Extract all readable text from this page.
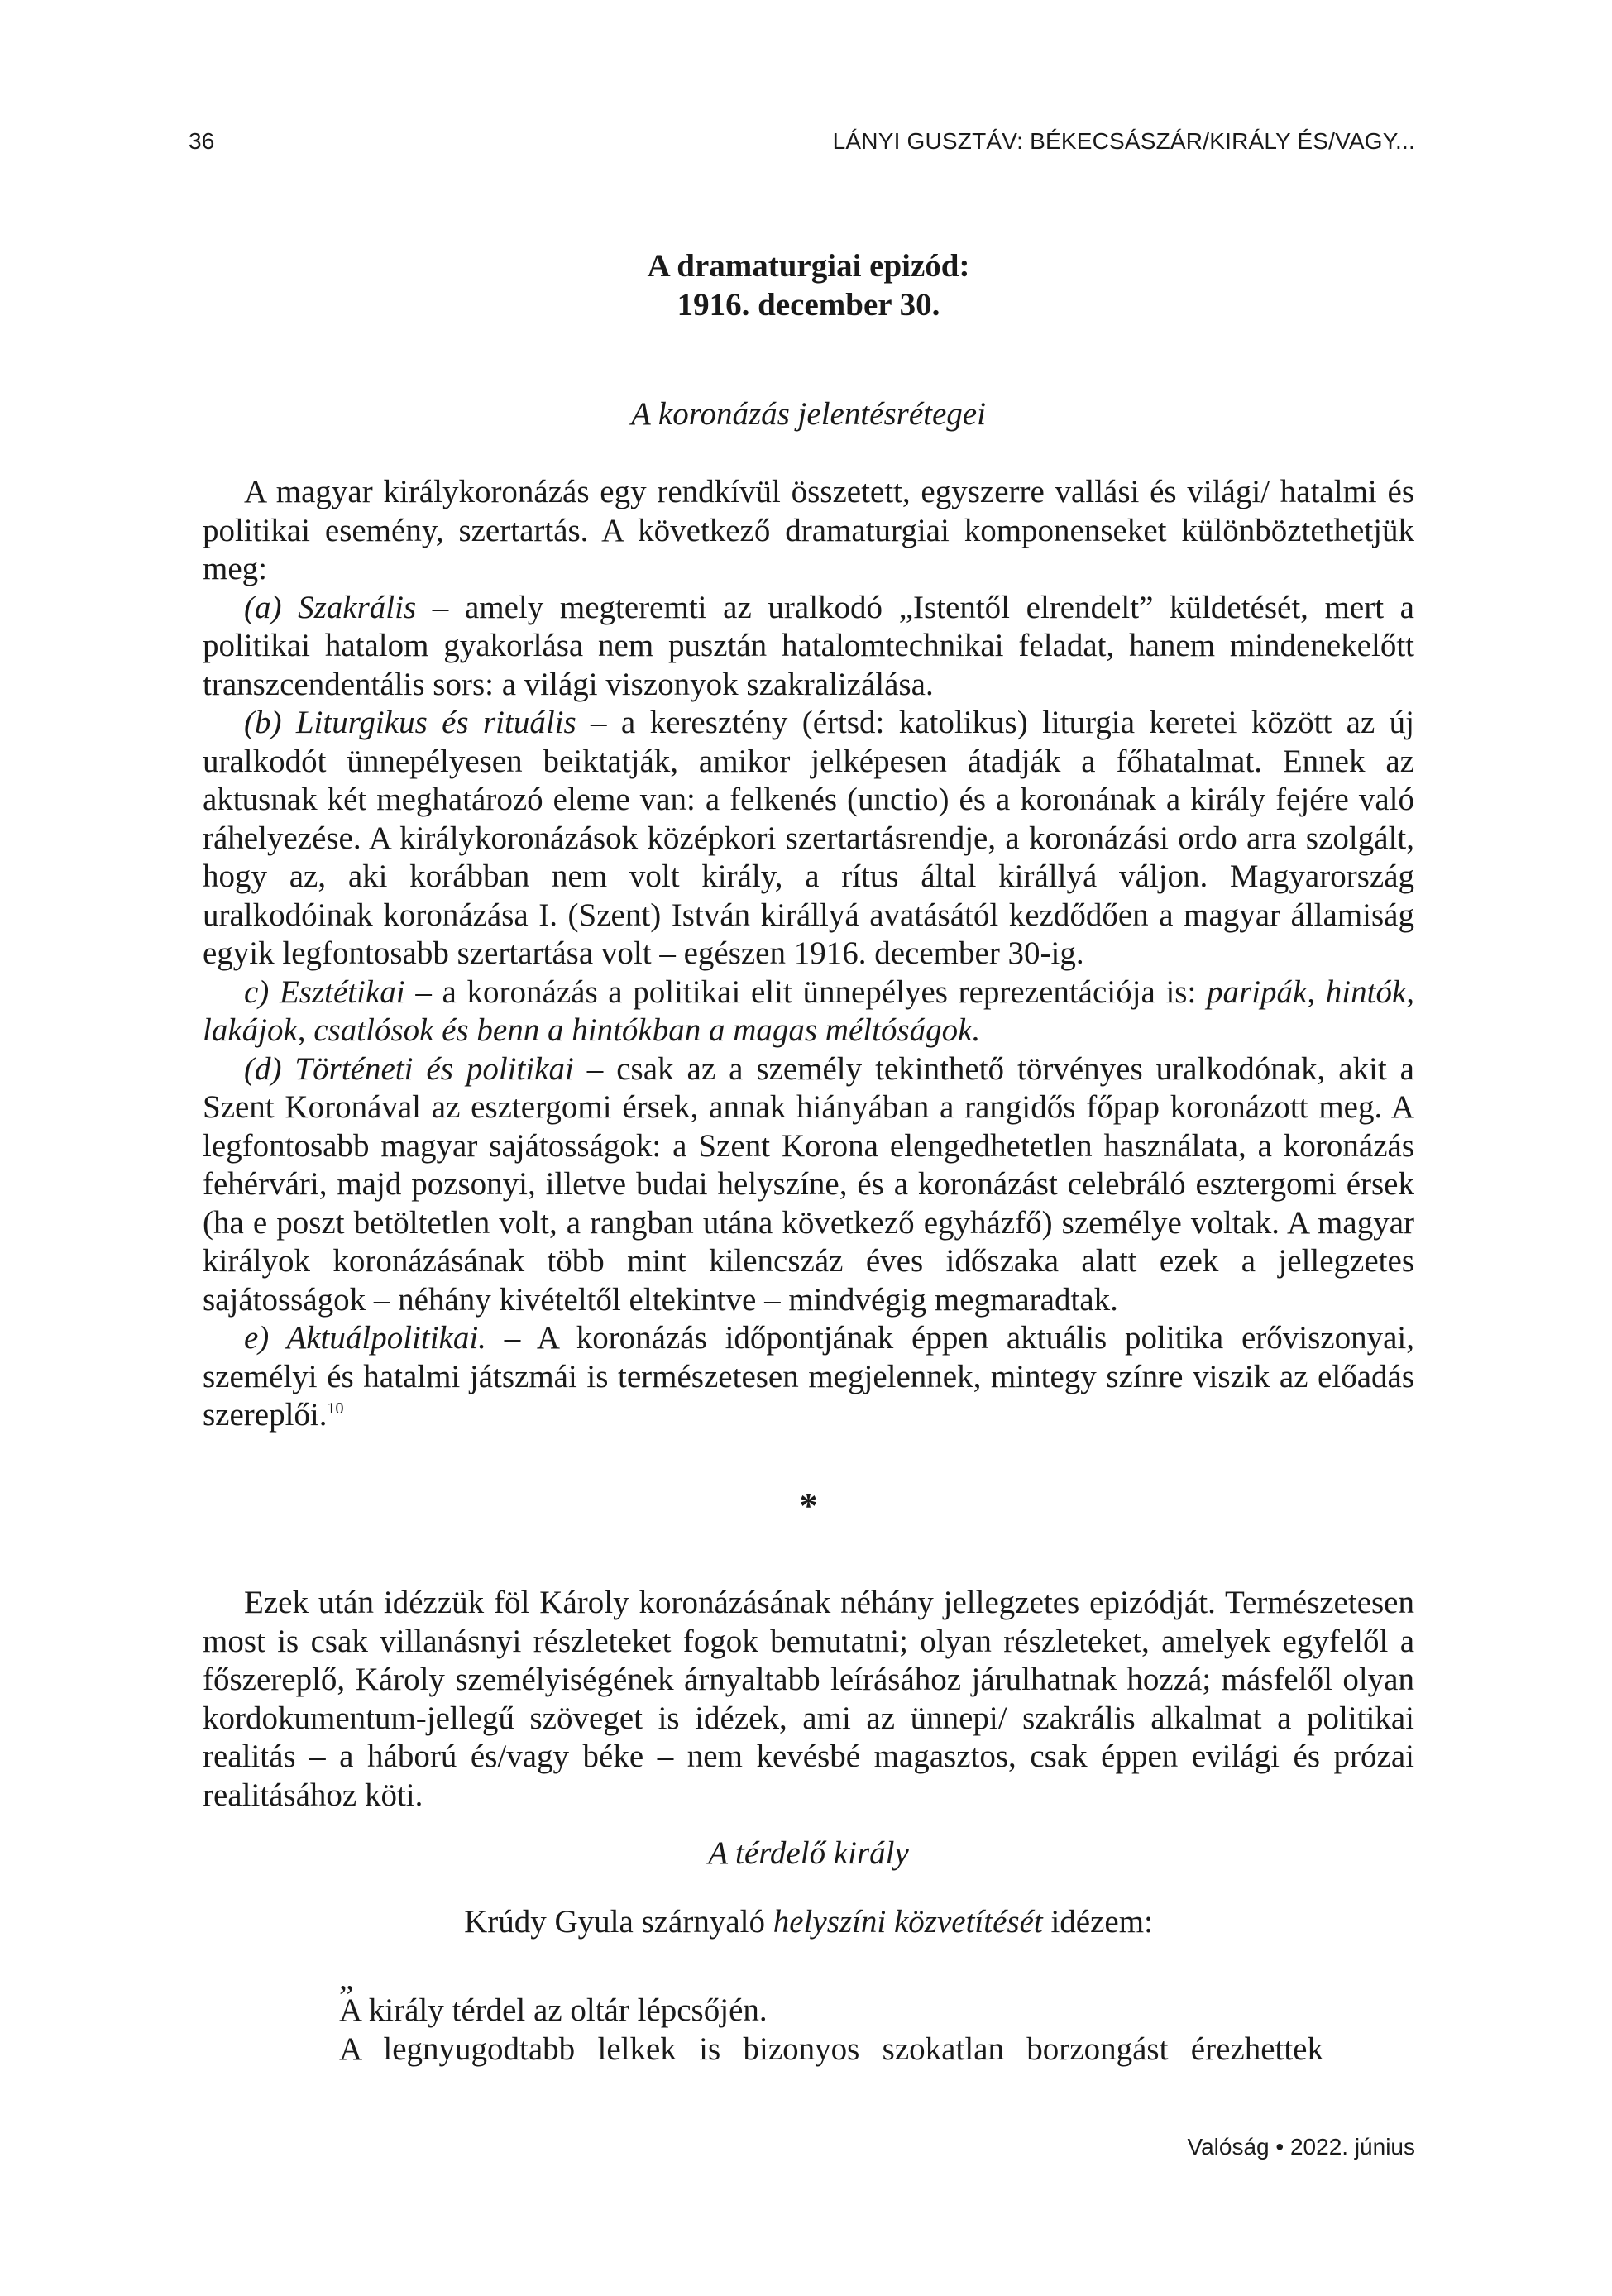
36	LÁNYI GUSZTÁV: BÉKECSÁSZÁR/KIRÁLY ÉS/VAGY...
A dramaturgiai epizód:
1916. december 30.
A koronázás jelentésrétegei

A magyar királykoronázás egy rendkívül összetett, egyszerre vallási és világi/ hatalmi és politikai esemény, szertartás. A következő dramaturgiai komponenseket különböztethetjük meg:

(a) Szakrális – amely megteremti az uralkodó „Istentől elrendelt” küldetését, mert a politikai hatalom gyakorlása nem pusztán hatalomtechnikai feladat, hanem mindenekelőtt transzcendentális sors: a világi viszonyok szakralizálása.

(b) Liturgikus és rituális – a keresztény (értsd: katolikus) liturgia keretei között az új uralkodót ünnepélyesen beiktatják, amikor jelképesen átadják a főhatalmat. Ennek az aktusnak két meghatározó eleme van: a felkenés (unctio) és a koronának a király fejére való ráhelyezése. A királykoronázások középkori szertartásrendje, a koronázási ordo arra szolgált, hogy az, aki korábban nem volt király, a rítus által királlyá váljon. Magyarország uralkodóinak koronázása I. (Szent) István királlyá avatásától kezdődően a magyar államiság egyik legfontosabb szertartása volt – egészen 1916. december 30-ig.

c) Esztétikai – a koronázás a politikai elit ünnepélyes reprezentációja is: paripák, hintók, lakájok, csatlósok és benn a hintókban a magas méltóságok.

(d) Történeti és politikai – csak az a személy tekinthető törvényes uralkodónak, akit a Szent Koronával az esztergomi érsek, annak hiányában a rangidős főpap koronázott meg. A legfontosabb magyar sajátosságok: a Szent Korona elengedhetetlen használata, a koronázás fehérvári, majd pozsonyi, illetve budai helyszíne, és a koronázást celebráló esztergomi érsek (ha e poszt betöltetlen volt, a rangban utána következő egyházfő) személye voltak. A magyar királyok koronázásának több mint kilencszáz éves időszaka alatt ezek a jellegzetes sajátosságok – néhány kivételtől eltekintve – mindvégig megmaradtak.

e) Aktuálpolitikai. – A koronázás időpontjának éppen aktuális politika erőviszonyai, személyi és hatalmi játszmái is természetesen megjelennek, mintegy színre viszik az előadás szereplői.$^{10}$

*

Ezek után idézzük föl Károly koronázásának néhány jellegzetes epizódját. Természetesen most is csak villanásnyi részleteket fogok bemutatni; olyan részleteket, amelyek egyfelől a főszereplő, Károly személyiségének árnyaltabb leírásához járulhatnak hozzá; másfelől olyan kordokumentum-jellegű szöveget is idézek, ami az ünnepi/ szakrális alkalmat a politikai realitás – a háború és/vagy béke – nem kevésbé magasztos, csak éppen evilági és prózai realitásához köti.

A térdelő király
Krúdy Gyula szárnyaló helyszíni közvetítését idézem:
„
A király térdel az oltár lépcsőjén.
A legnyugodtabb lelkek is bizonyos szokatlan borzongást érezhettek
Valóság • 2022. június
